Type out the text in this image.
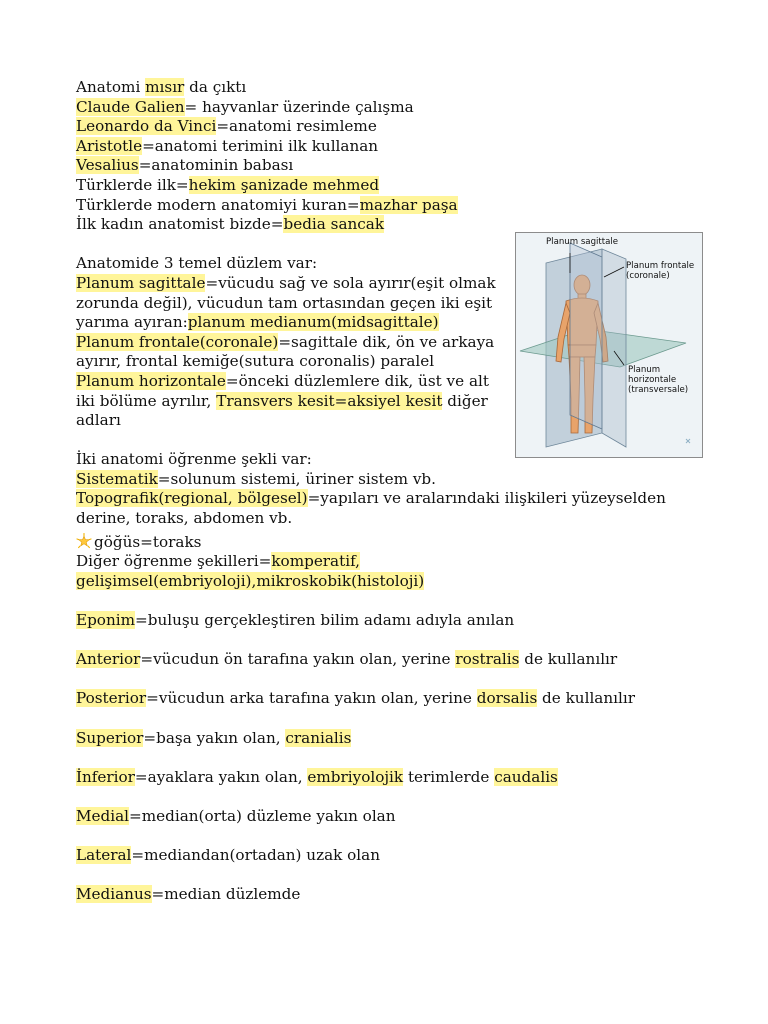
Anatomi mısır da çıktı
Claude Galien= hayvanlar üzerinde çalışma
Leonardo da Vinci=anatomi resimleme
Aristotle=anatomi terimini ilk kullanan
Vesalius=anatominin babası
Türklerde ilk=hekim şanizade mehmed
Türklerde modern anatomiyi kuran=mazhar paşa
İlk kadın anatomist bizde=bedia sancak
Anatomide 3 temel düzlem var:
Planum sagittale=vücudu sağ ve sola ayırır(eşit olmak
zorunda değil), vücudun tam ortasından geçen iki eşit
yarıma ayıran:planum medianum(midsagittale)
Planum frontale(coronale)=sagittale dik, ön ve arkaya
ayırır, frontal kemiğe(sutura coronalis) paralel
Planum horizontale=önceki düzlemlere dik, üst ve alt
iki bölüme ayrılır, Transvers kesit=aksiyel kesit diğer
adları
İki anatomi öğrenme şekli var:
Sistematik=solunum sistemi, üriner sistem vb.
Topografik(regional, bölgesel)=yapıları ve aralarındaki ilişkileri yüzeyselden
derine, toraks, abdomen vb.
göğüs=toraks
Diğer öğrenme şekilleri=komperatif,
gelişimsel(embriyoloji),mikroskobik(histoloji)
Eponim=buluşu gerçekleştiren bilim adamı adıyla anılan
Anterior=vücudun ön tarafına yakın olan, yerine rostralis de kullanılır
Posterior=vücudun arka tarafına yakın olan, yerine dorsalis de kullanılır
Superior=başa yakın olan, cranialis
İnferior=ayaklara yakın olan, embriyolojik terimlerde caudalis
Medial=median(orta) düzleme yakın olan
Lateral=mediandan(ortadan) uzak olan
Medianus=median düzlemde
Planum sagittale
Planum frontale
(coronale)
Planum
horizontale
(transversale)
